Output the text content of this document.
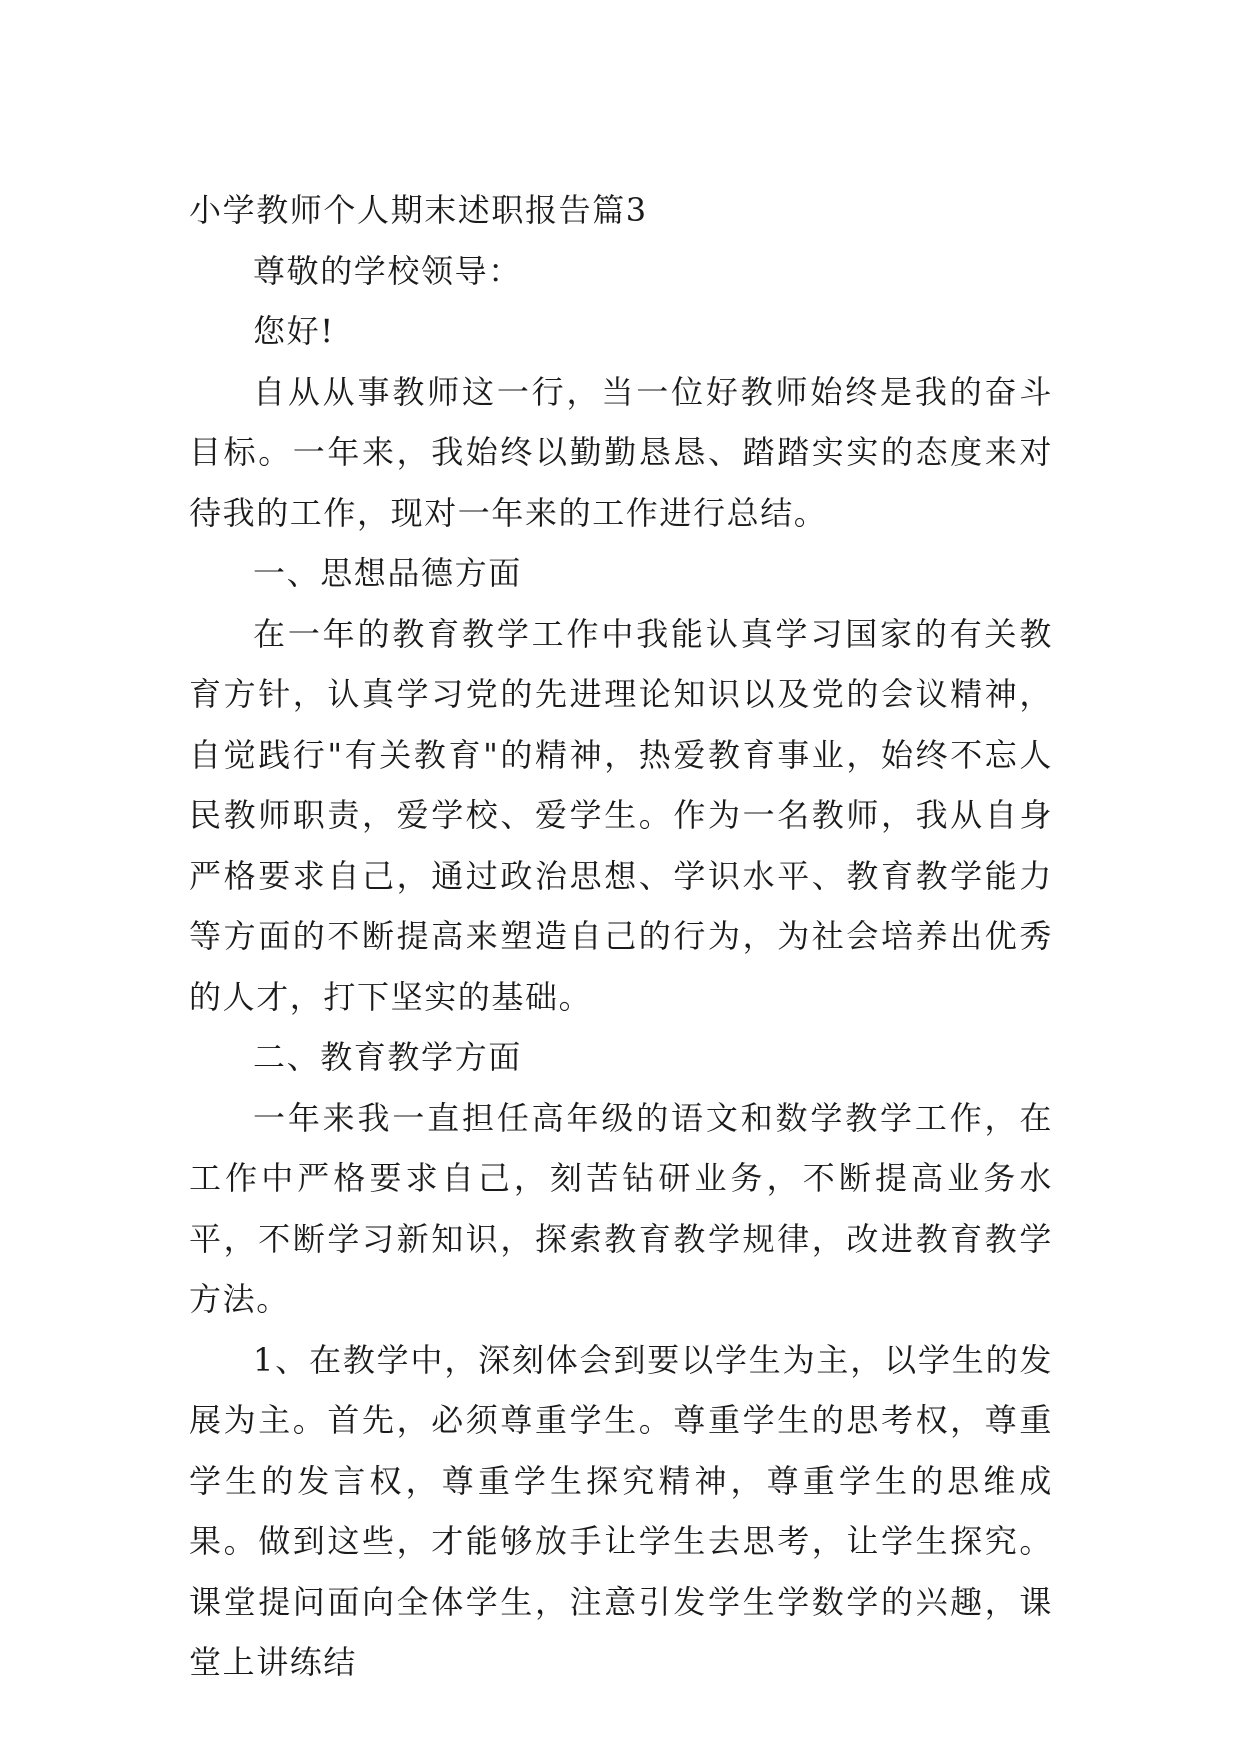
小学教师个人期末述职报告篇3

尊敬的学校领导：

您好!

自从从事教师这一行，当一位好教师始终是我的奋斗目标。一年来，我始终以勤勤恳恳、踏踏实实的态度来对待我的工作，现对一年来的工作进行总结。

一、思想品德方面

在一年的教育教学工作中我能认真学习国家的有关教育方针，认真学习党的先进理论知识以及党的会议精神，自觉践行"有关教育"的精神，热爱教育事业，始终不忘人民教师职责，爱学校、爱学生。作为一名教师，我从自身严格要求自己，通过政治思想、学识水平、教育教学能力等方面的不断提高来塑造自己的行为，为社会培养出优秀的人才，打下坚实的基础。

二、教育教学方面

一年来我一直担任高年级的语文和数学教学工作，在工作中严格要求自己，刻苦钻研业务，不断提高业务水平，不断学习新知识，探索教育教学规律，改进教育教学方法。

1、在教学中，深刻体会到要以学生为主，以学生的发展为主。首先，必须尊重学生。尊重学生的思考权，尊重学生的发言权，尊重学生探究精神，尊重学生的思维成果。做到这些，才能够放手让学生去思考，让学生探究。课堂提问面向全体学生，注意引发学生学数学的兴趣，课堂上讲练结
